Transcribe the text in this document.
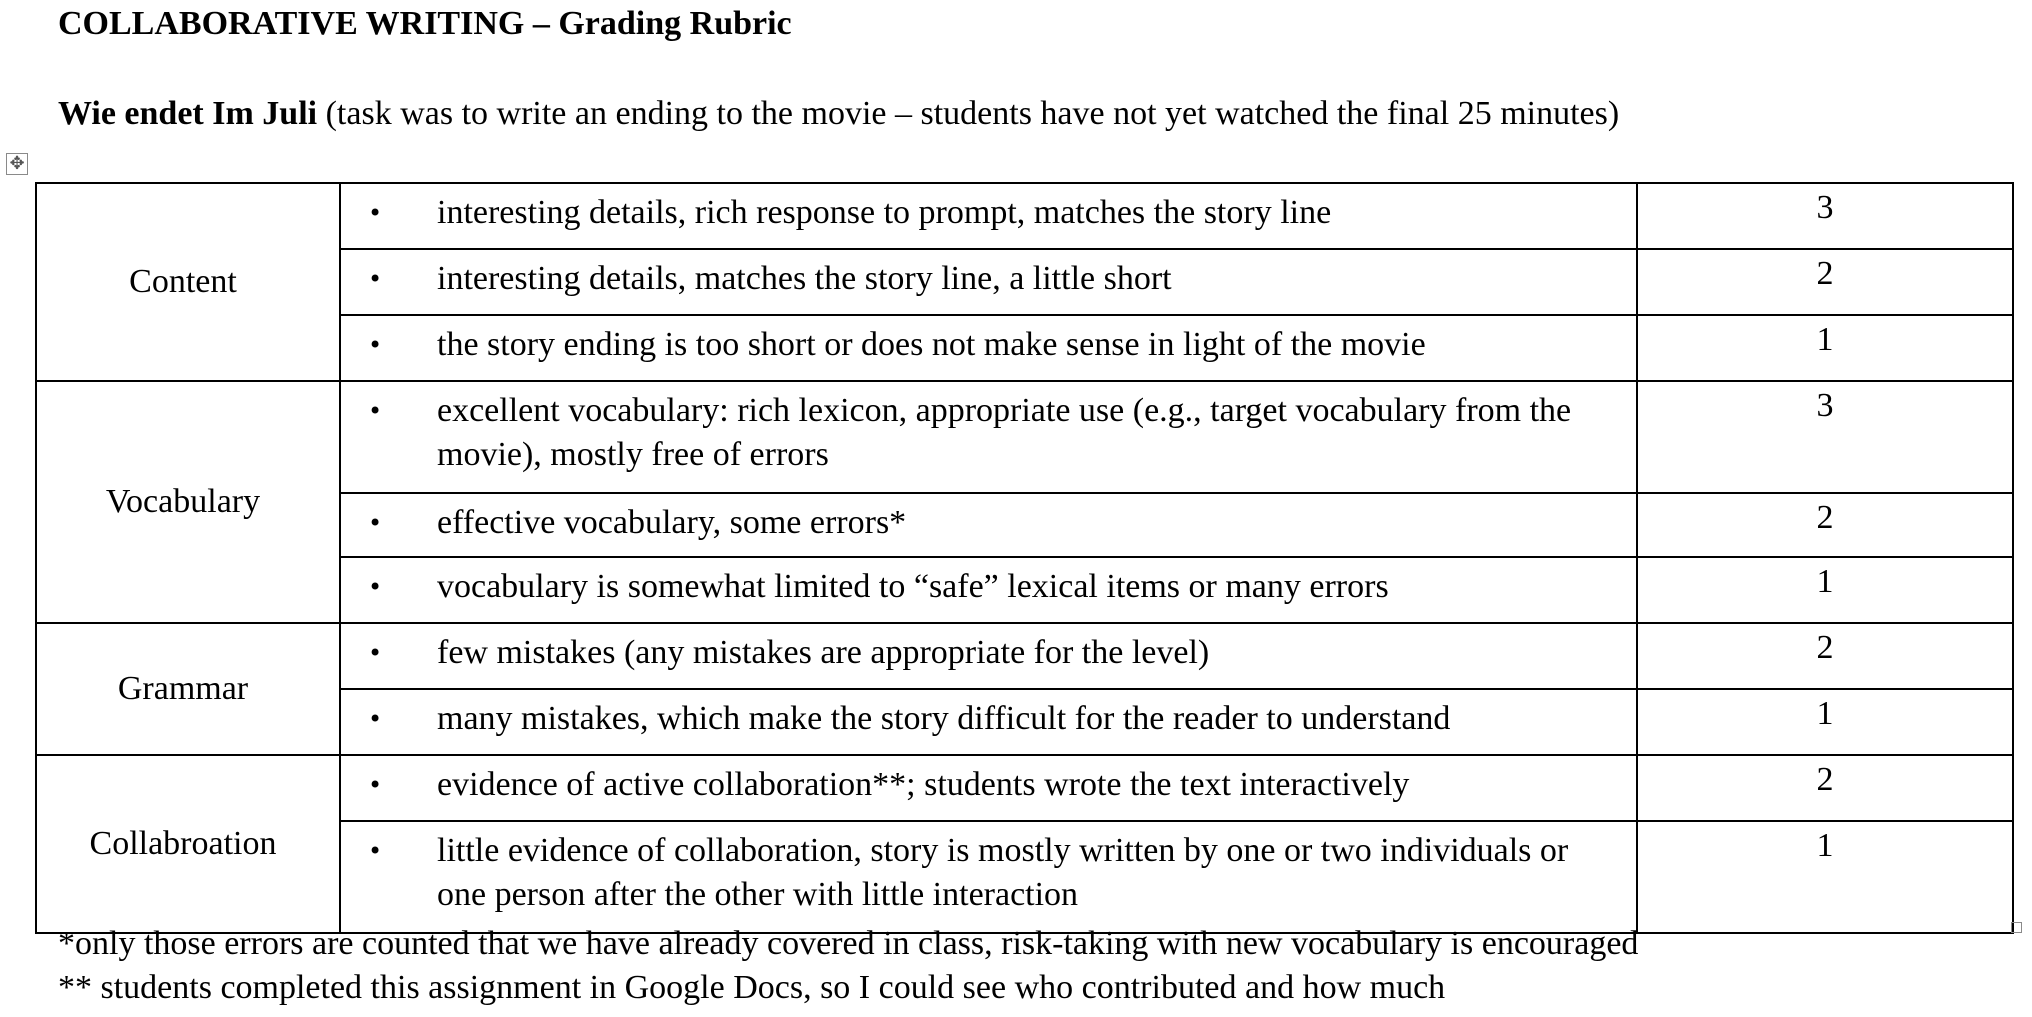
COLLABORATIVE WRITING – Grading Rubric
Wie endet Im Juli (task was to write an ending to the movie – students have not yet watched the final 25 minutes)
✥
Content	• interesting details, rich response to prompt, matches the story line	3

	• interesting details, matches the story line, a little short	2

	• the story ending is too short or does not make sense in light of the movie	1
Vocabulary	• excellent vocabulary: rich lexicon, appropriate use (e.g., target vocabulary from the movie), mostly free of errors	3

	• effective vocabulary, some errors*	2

	• vocabulary is somewhat limited to “safe” lexical items or many errors	1
Grammar	• few mistakes (any mistakes are appropriate for the level)	2

	• many mistakes, which make the story difficult for the reader to understand	1
Collabroation	• evidence of active collaboration**; students wrote the text interactively	2

	• little evidence of collaboration, story is mostly written by one or two individuals or one person after the other with little interaction	1
*only those errors are counted that we have already covered in class, risk-taking with new vocabulary is encouraged
** students completed this assignment in Google Docs, so I could see who contributed and how much
